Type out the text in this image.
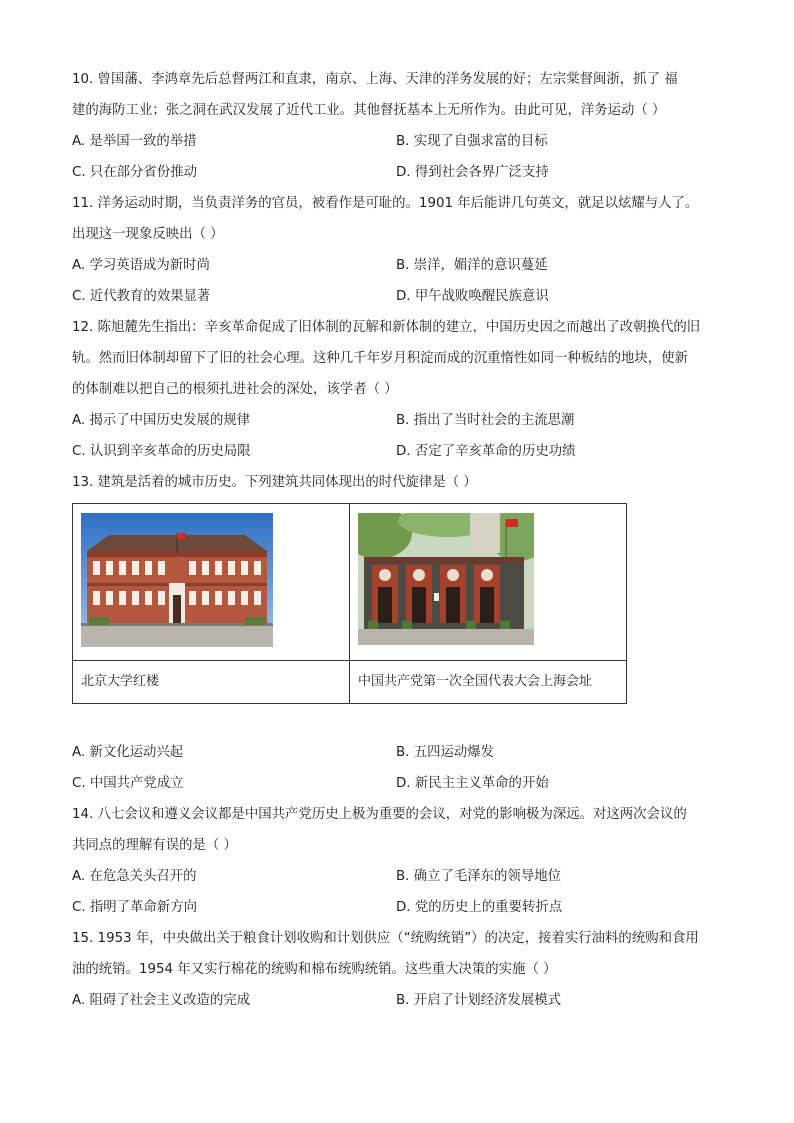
10. 曾国藩、李鸿章先后总督两江和直隶，南京、上海、天津的洋务发展的好；左宗棠督闽浙，抓了 福
建的海防工业；张之洞在武汉发展了近代工业。其他督抚基本上无所作为。由此可见，洋务运动（ ）
A. 是举国一致的举措	B. 实现了自强求富的目标
C. 只在部分省份推动	D. 得到社会各界广泛支持
11. 洋务运动时期，当负责洋务的官员，被看作是可耻的。1901 年后能讲几句英文，就足以炫耀与人了。
出现这一现象反映出（ ）
A. 学习英语成为新时尚	B. 崇洋，媚洋的意识蔓延
C. 近代教育的效果显著	D. 甲午战败唤醒民族意识
12. 陈旭麓先生指出：辛亥革命促成了旧体制的瓦解和新体制的建立，中国历史因之而越出了改朝换代的旧
轨。然而旧体制却留下了旧的社会心理。这种几千年岁月积淀而成的沉重惰性如同一种板结的地块，使新
的体制难以把自己的根须扎进社会的深处，该学者（ ）
A. 揭示了中国历史发展的规律	B. 指出了当时社会的主流思潮
C. 认识到辛亥革命的历史局限	D. 否定了辛亥革命的历史功绩
13. 建筑是活着的城市历史。下列建筑共同体现出的时代旋律是（ ）

北京大学红楼	中国共产党第一次全国代表大会上海会址
A. 新文化运动兴起	B. 五四运动爆发
C. 中国共产党成立	D. 新民主主义革命的开始
14. 八七会议和遵义会议都是中国共产党历史上极为重要的会议，对党的影响极为深远。对这两次会议的
共同点的理解有误的是（ ）
A. 在危急关头召开的	B. 确立了毛泽东的领导地位
C. 指明了革命新方向	D. 党的历史上的重要转折点
15. 1953 年，中央做出关于粮食计划收购和计划供应（“统购统销”）的决定，接着实行油料的统购和食用
油的统销。1954 年又实行棉花的统购和棉布统购统销。这些重大决策的实施（ ）
A. 阻碍了社会主义改造的完成	B. 开启了计划经济发展模式
